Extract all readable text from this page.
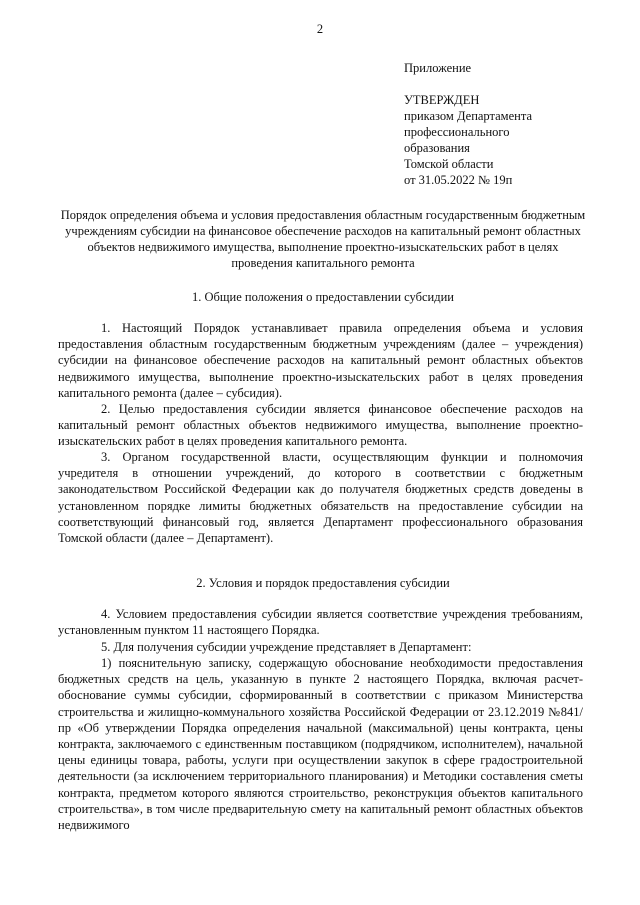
2
Приложение
УТВЕРЖДЕН
приказом Департамента
профессионального
образования
Томской области
от 31.05.2022 № 19п
Порядок определения объема и условия предоставления областным государственным бюджетным учреждениям субсидии на финансовое обеспечение расходов на капитальный ремонт областных объектов недвижимого имущества, выполнение проектно-изыскательских работ в целях проведения капитального ремонта
1. Общие положения о предоставлении субсидии

1. Настоящий Порядок устанавливает правила определения объема и условия предоставления областным государственным бюджетным учреждениям (далее – учреждения) субсидии на финансовое обеспечение расходов на капитальный ремонт областных объектов недвижимого имущества, выполнение проектно-изыскательских работ в целях проведения капитального ремонта (далее – субсидия).

2. Целью предоставления субсидии является финансовое обеспечение расходов на капитальный ремонт областных объектов недвижимого имущества, выполнение проектно-изыскательских работ в целях проведения капитального ремонта.

3. Органом государственной власти, осуществляющим функции и полномочия учредителя в отношении учреждений, до которого в соответствии с бюджетным законодательством Российской Федерации как до получателя бюджетных средств доведены в установленном порядке лимиты бюджетных обязательств на предоставление субсидии на соответствующий финансовый год, является Департамент профессионального образования Томской области (далее – Департамент).

2. Условия и порядок предоставления субсидии

4. Условием предоставления субсидии является соответствие учреждения требованиям, установленным пунктом 11 настоящего Порядка.

5. Для получения субсидии учреждение представляет в Департамент:

1) пояснительную записку, содержащую обоснование необходимости предоставления бюджетных средств на цель, указанную в пункте 2 настоящего Порядка, включая расчет-обоснование суммы субсидии, сформированный в соответствии с приказом Министерства строительства и жилищно-коммунального хозяйства Российской Федерации от 23.12.2019 №841/пр «Об утверждении Порядка определения начальной (максимальной) цены контракта, цены контракта, заключаемого с единственным поставщиком (подрядчиком, исполнителем), начальной цены единицы товара, работы, услуги при осуществлении закупок в сфере градостроительной деятельности (за исключением территориального планирования) и Методики составления сметы контракта, предметом которого являются строительство, реконструкция объектов капитального строительства», в том числе предварительную смету на капитальный ремонт областных объектов недвижимого
